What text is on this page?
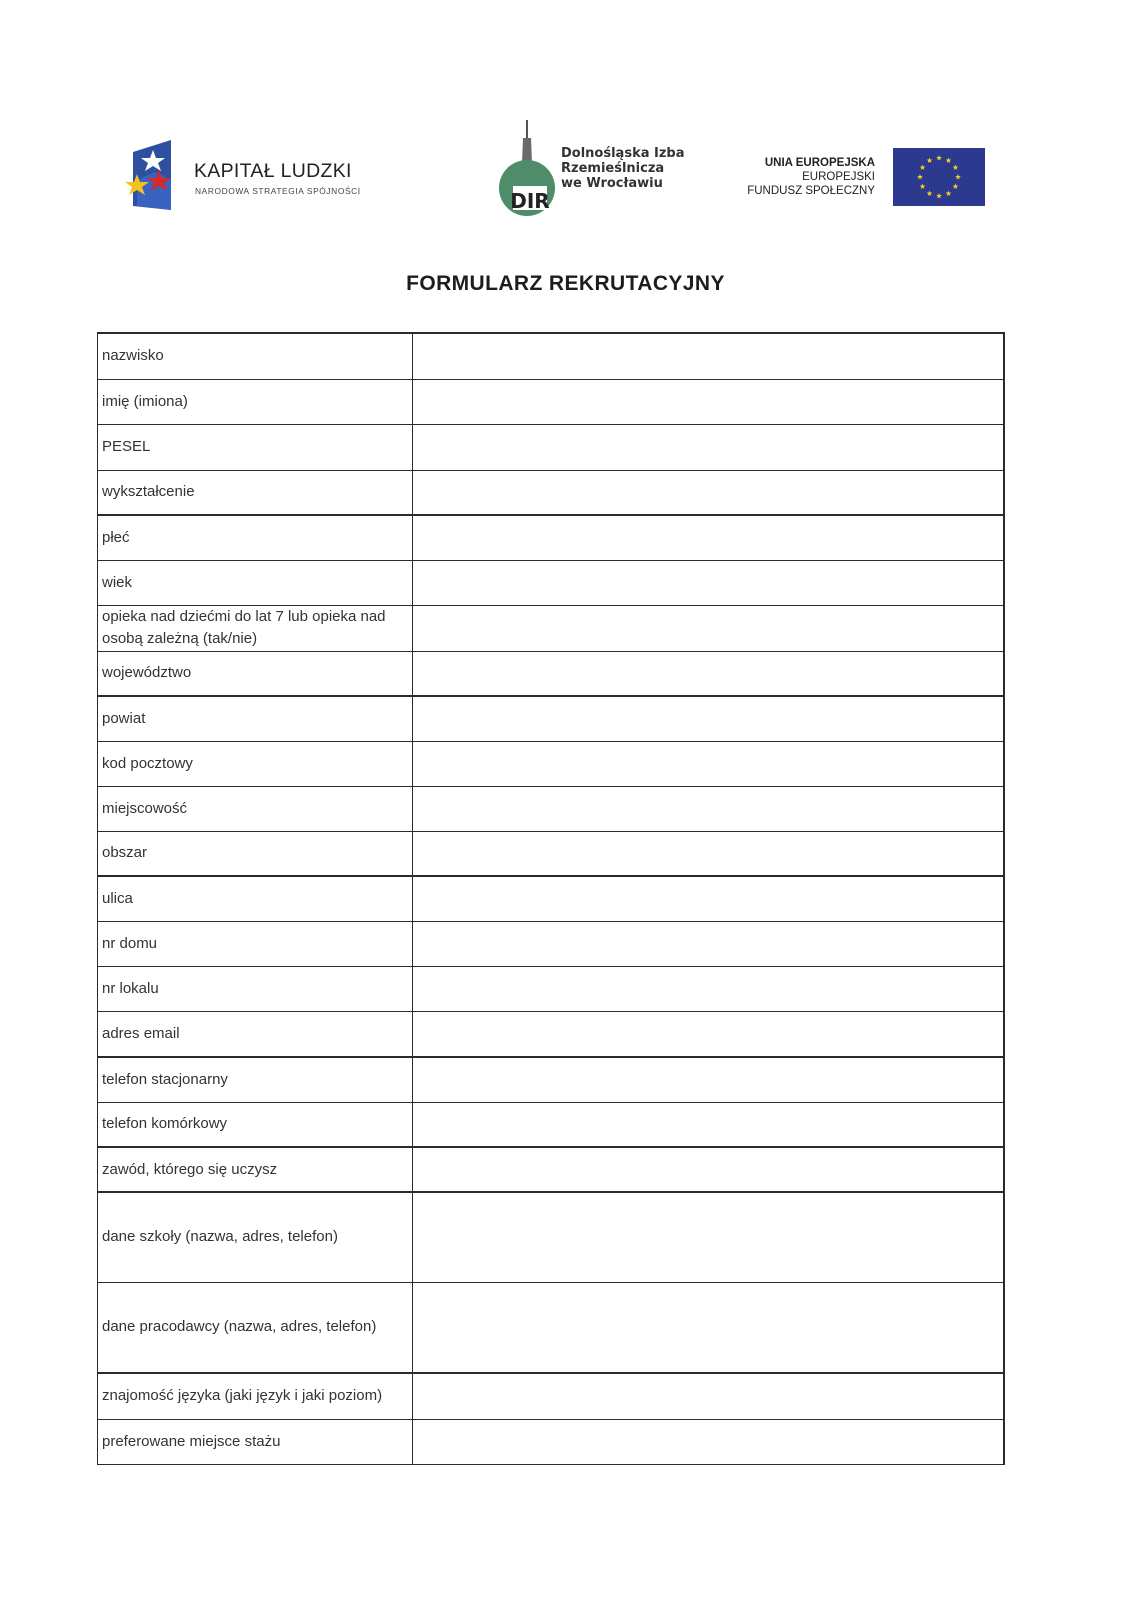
KAPITAŁ LUDZKI
NARODOWA STRATEGIA SPÓJNOŚCI	DIR
Dolnośląska Izba
Rzemieślnicza
we Wrocławiu
UNIA EUROPEJSKA
EUROPEJSKI
FUNDUSZ SPOŁECZNY
FORMULARZ REKRUTACYJNY
nazwisko	
imię (imiona)	
PESEL	
wykształcenie	
płeć	
wiek	
opieka nad dziećmi do lat 7 lub opieka nad osobą zależną (tak/nie)	
województwo	
powiat	
kod pocztowy	
miejscowość	
obszar	
ulica	
nr domu	
nr lokalu	
adres email	
telefon stacjonarny	
telefon komórkowy	
zawód, którego się uczysz	
dane szkoły (nazwa, adres, telefon)	
dane pracodawcy (nazwa, adres, telefon)	
znajomość języka (jaki język i jaki poziom)	
preferowane miejsce stażu	
